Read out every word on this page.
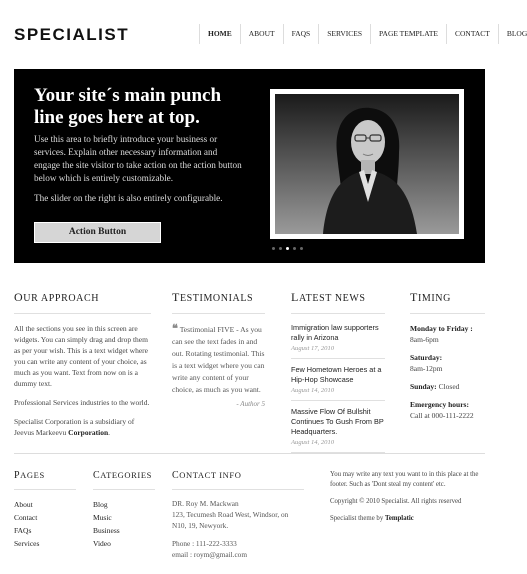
SPECIALIST	HOME	ABOUT	FAQS	SERVICES	PAGE TEMPLATE	CONTACT	BLOG
Your site´s main punch line goes here at top.

Use this area to briefly introduce your business or services. Explain other necessary information and engage the site visitor to take action on the action button below which is entirely customizable.

The slider on the right is also entirely configurable.

Action Button
OUR APPROACH

All the sections you see in this screen are widgets. You can simply drag and drop them as per your wish. This is a text widget where you can write any content of your choice, as much as you want. Text from now on is a dummy text.

Professional Services industries to the world.

Specialist Corporation is a subsidiary of Jeevus Markeevu Corporation.

TESTIMONIALS
❝ Testimonial FIVE - As you can see the text fades in and out. Rotating testimonial. This is a text widget where you can write any content of your choice, as much as you want.
- Author 5
LATEST NEWS
Immigration law supporters rally in Arizona
August 17, 2010
Few Hometown Heroes at a Hip-Hop Showcase
August 14, 2010
Massive Flow Of Bullshit Continues To Gush From BP Headquarters.
August 14, 2010
TIMING
Monday to Friday :
8am-6pm
Saturday:
8am-12pm
Sunday: Closed
Emergency hours:
Call at 000-111-2222
PAGES
About
Contact
FAQs
Services
CATEGORIES
Blog
Music
Business
Video
CONTACT INFO

DR. Roy M. Mackwan
123, Tecumesh Road West, Windsor, on N10, 19, Newyork.

Phone : 111-222-3333
email : roym@gmail.com

You may write any text you want to in this place at the footer. Such as 'Dont steal my content' etc.

Copyright © 2010 Specialist. All rights reserved

Specialist theme by Templatic
